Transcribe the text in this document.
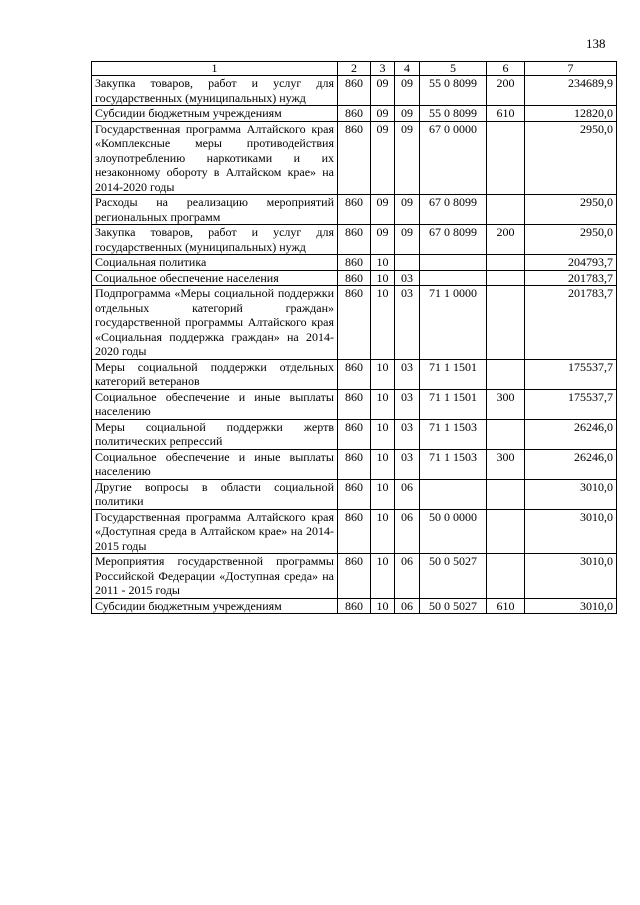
138
1	2	3	4	5	6	7
Закупка товаров, работ и услуг для государственных (муниципальных) нужд	860	09	09	55 0 8099	200	234689,9
Субсидии бюджетным учреждениям	860	09	09	55 0 8099	610	12820,0
Государственная программа Алтайского края «Комплексные меры противодействия злоупотреблению наркотиками и их незаконному обороту в Алтайском крае» на 2014-2020 годы	860	09	09	67 0 0000		2950,0
Расходы на реализацию мероприятий региональных программ	860	09	09	67 0 8099		2950,0
Закупка товаров, работ и услуг для государственных (муниципальных) нужд	860	09	09	67 0 8099	200	2950,0
Социальная политика	860	10				204793,7
Социальное обеспечение населения	860	10	03			201783,7
Подпрограмма «Меры социальной поддержки отдельных категорий граждан» государственной программы Алтайского края «Социальная поддержка граждан» на 2014-2020 годы	860	10	03	71 1 0000		201783,7
Меры социальной поддержки отдельных категорий ветеранов	860	10	03	71 1 1501		175537,7
Социальное обеспечение и иные выплаты населению	860	10	03	71 1 1501	300	175537,7
Меры социальной поддержки жертв политических репрессий	860	10	03	71 1 1503		26246,0
Социальное обеспечение и иные выплаты населению	860	10	03	71 1 1503	300	26246,0
Другие вопросы в области социальной политики	860	10	06			3010,0
Государственная программа Алтайского края «Доступная среда в Алтайском крае» на 2014-2015 годы	860	10	06	50 0 0000		3010,0
Мероприятия государственной программы Российской Федерации «Доступная среда» на 2011 - 2015 годы	860	10	06	50 0 5027		3010,0
Субсидии бюджетным учреждениям	860	10	06	50 0 5027	610	3010,0
